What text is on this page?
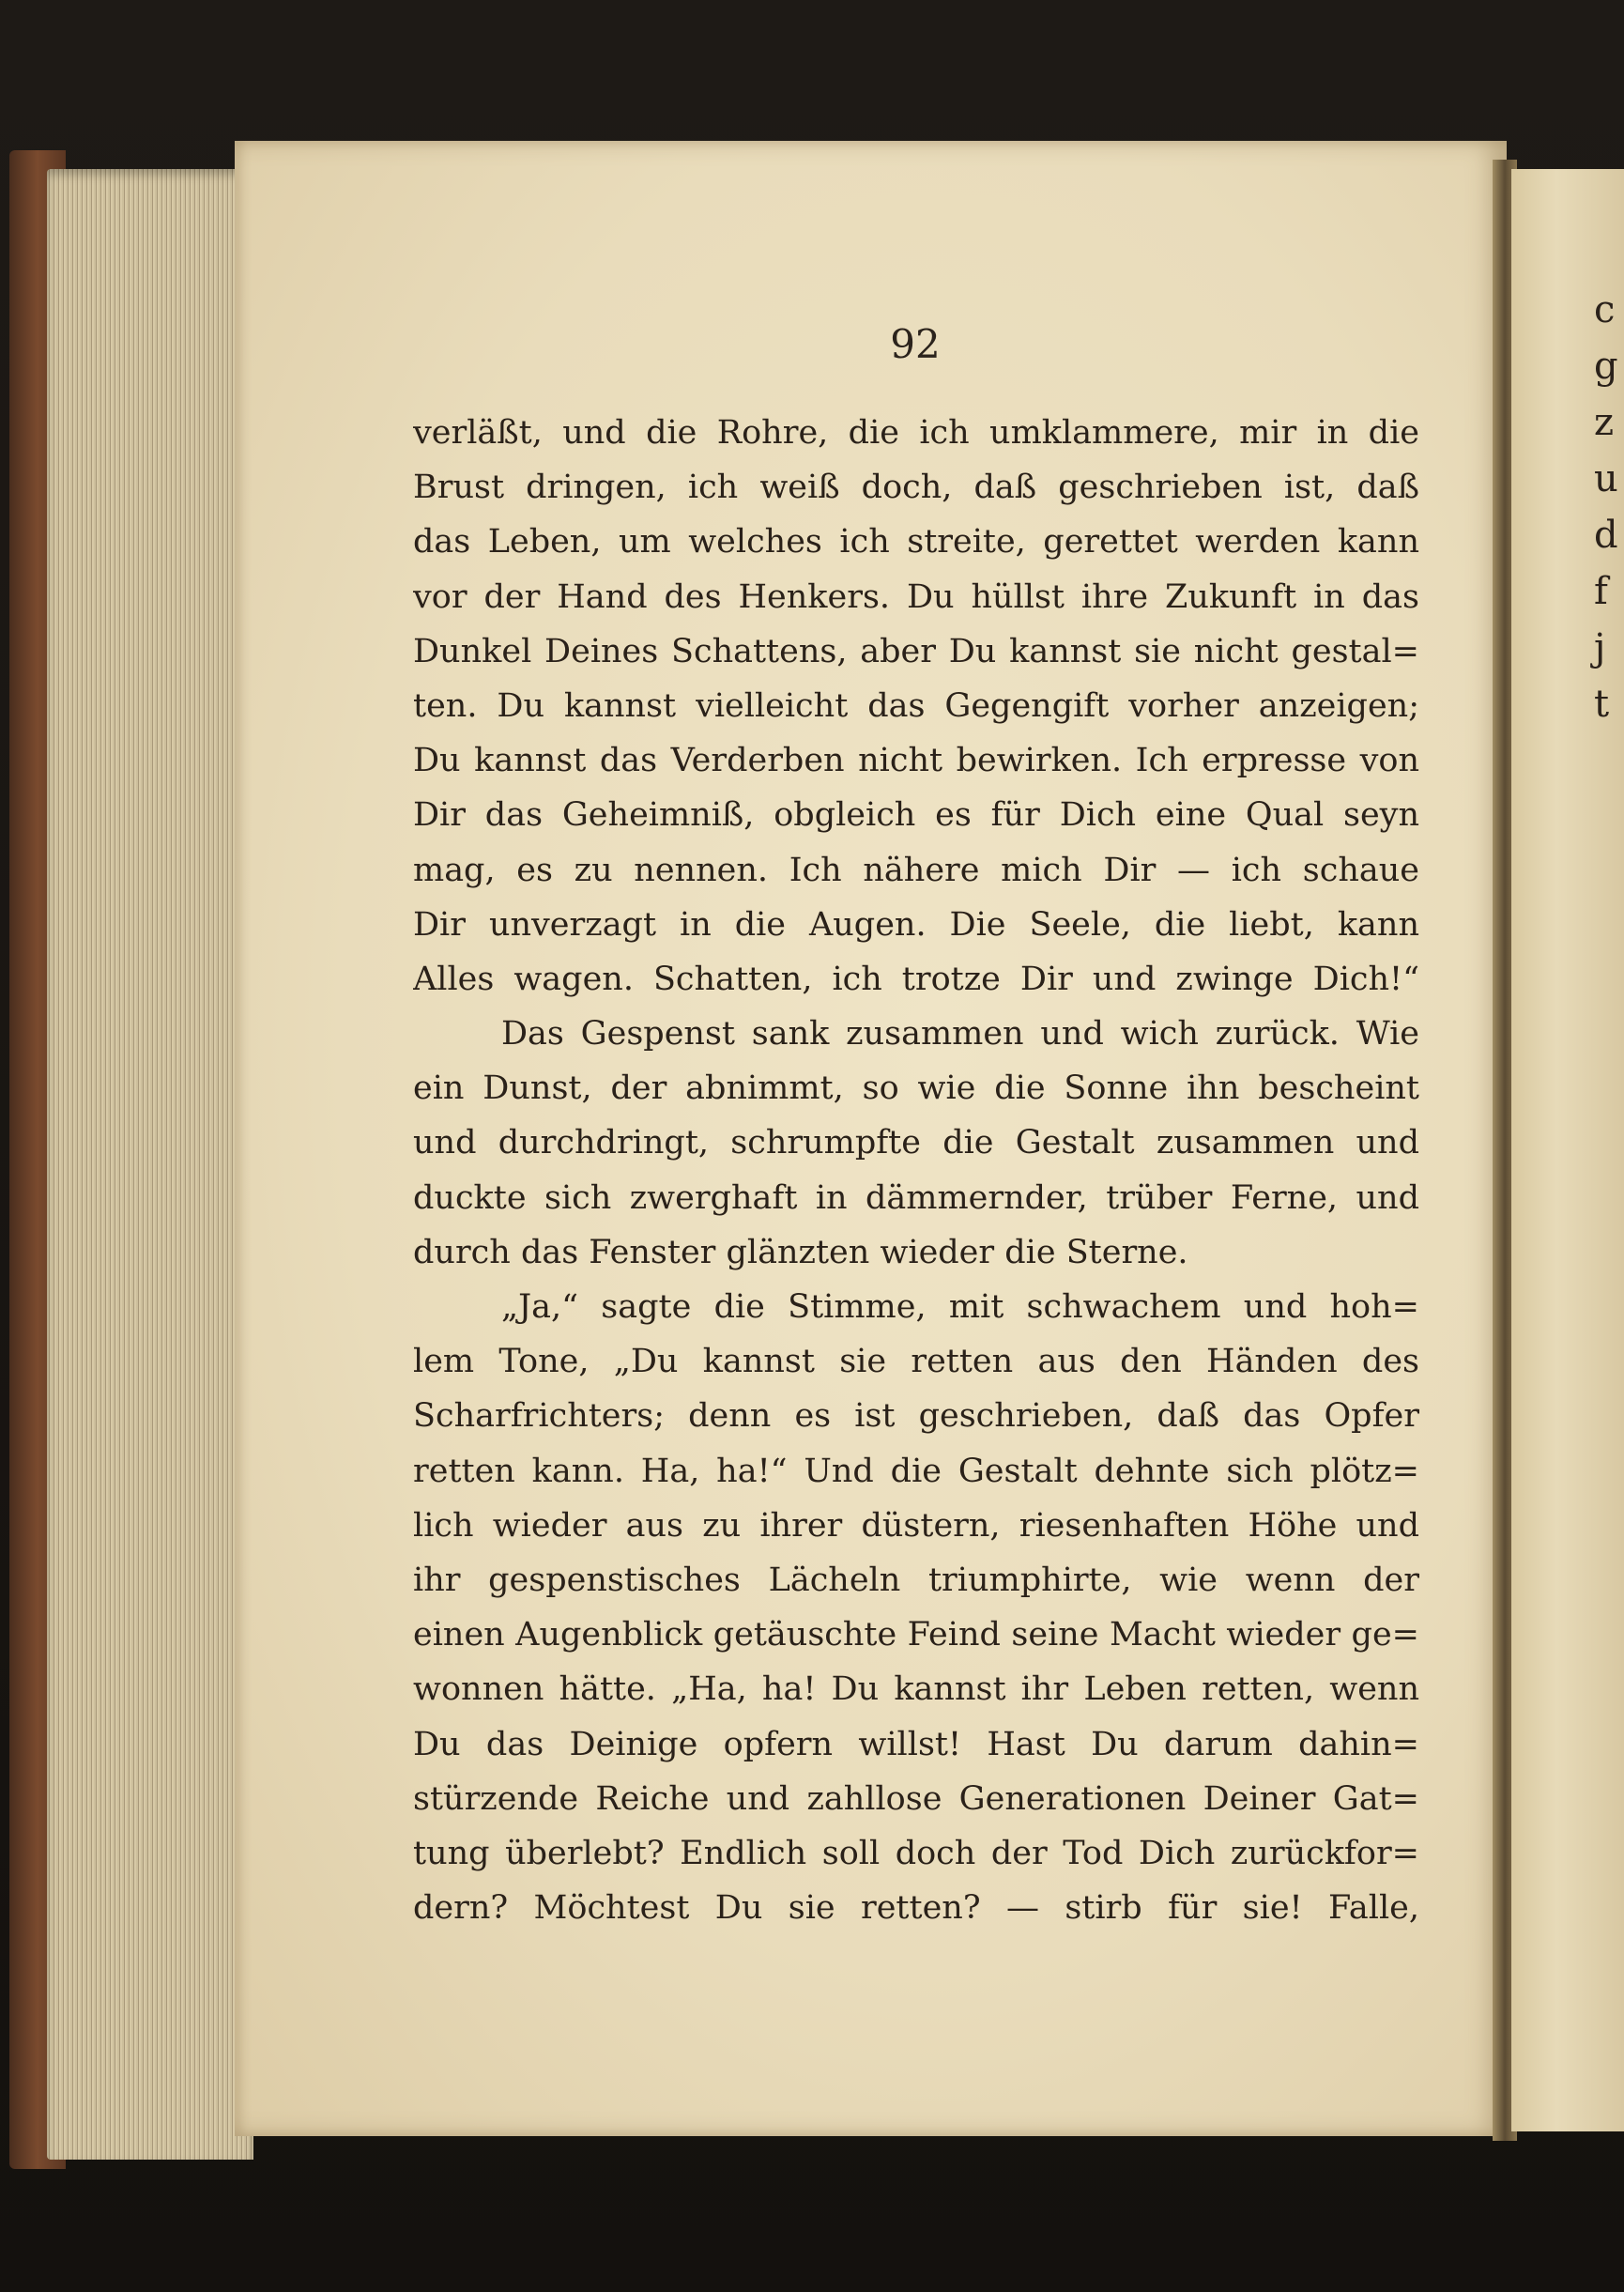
c
g
z
u
d
f
j
t
92
verläßt, und die Rohre, die ich umklammere, mir in die
Brust dringen, ich weiß doch, daß geschrieben ist, daß
das Leben, um welches ich streite, gerettet werden kann
vor der Hand des Henkers. Du hüllst ihre Zukunft in das
Dunkel Deines Schattens, aber Du kannst sie nicht gestal=
ten. Du kannst vielleicht das Gegengift vorher anzeigen;
Du kannst das Verderben nicht bewirken. Ich erpresse von
Dir das Geheimniß, obgleich es für Dich eine Qual seyn
mag, es zu nennen. Ich nähere mich Dir — ich schaue
Dir unverzagt in die Augen. Die Seele, die liebt, kann
Alles wagen. Schatten, ich trotze Dir und zwinge Dich!“
Das Gespenst sank zusammen und wich zurück. Wie
ein Dunst, der abnimmt, so wie die Sonne ihn bescheint
und durchdringt, schrumpfte die Gestalt zusammen und
duckte sich zwerghaft in dämmernder, trüber Ferne, und
durch das Fenster glänzten wieder die Sterne.
„Ja,“ sagte die Stimme, mit schwachem und hoh=
lem Tone, „Du kannst sie retten aus den Händen des
Scharfrichters; denn es ist geschrieben, daß das Opfer
retten kann. Ha, ha!“ Und die Gestalt dehnte sich plötz=
lich wieder aus zu ihrer düstern, riesenhaften Höhe und
ihr gespenstisches Lächeln triumphirte, wie wenn der
einen Augenblick getäuschte Feind seine Macht wieder ge=
wonnen hätte. „Ha, ha! Du kannst ihr Leben retten, wenn
Du das Deinige opfern willst! Hast Du darum dahin=
stürzende Reiche und zahllose Generationen Deiner Gat=
tung überlebt? Endlich soll doch der Tod Dich zurückfor=
dern? Möchtest Du sie retten? — stirb für sie! Falle,
